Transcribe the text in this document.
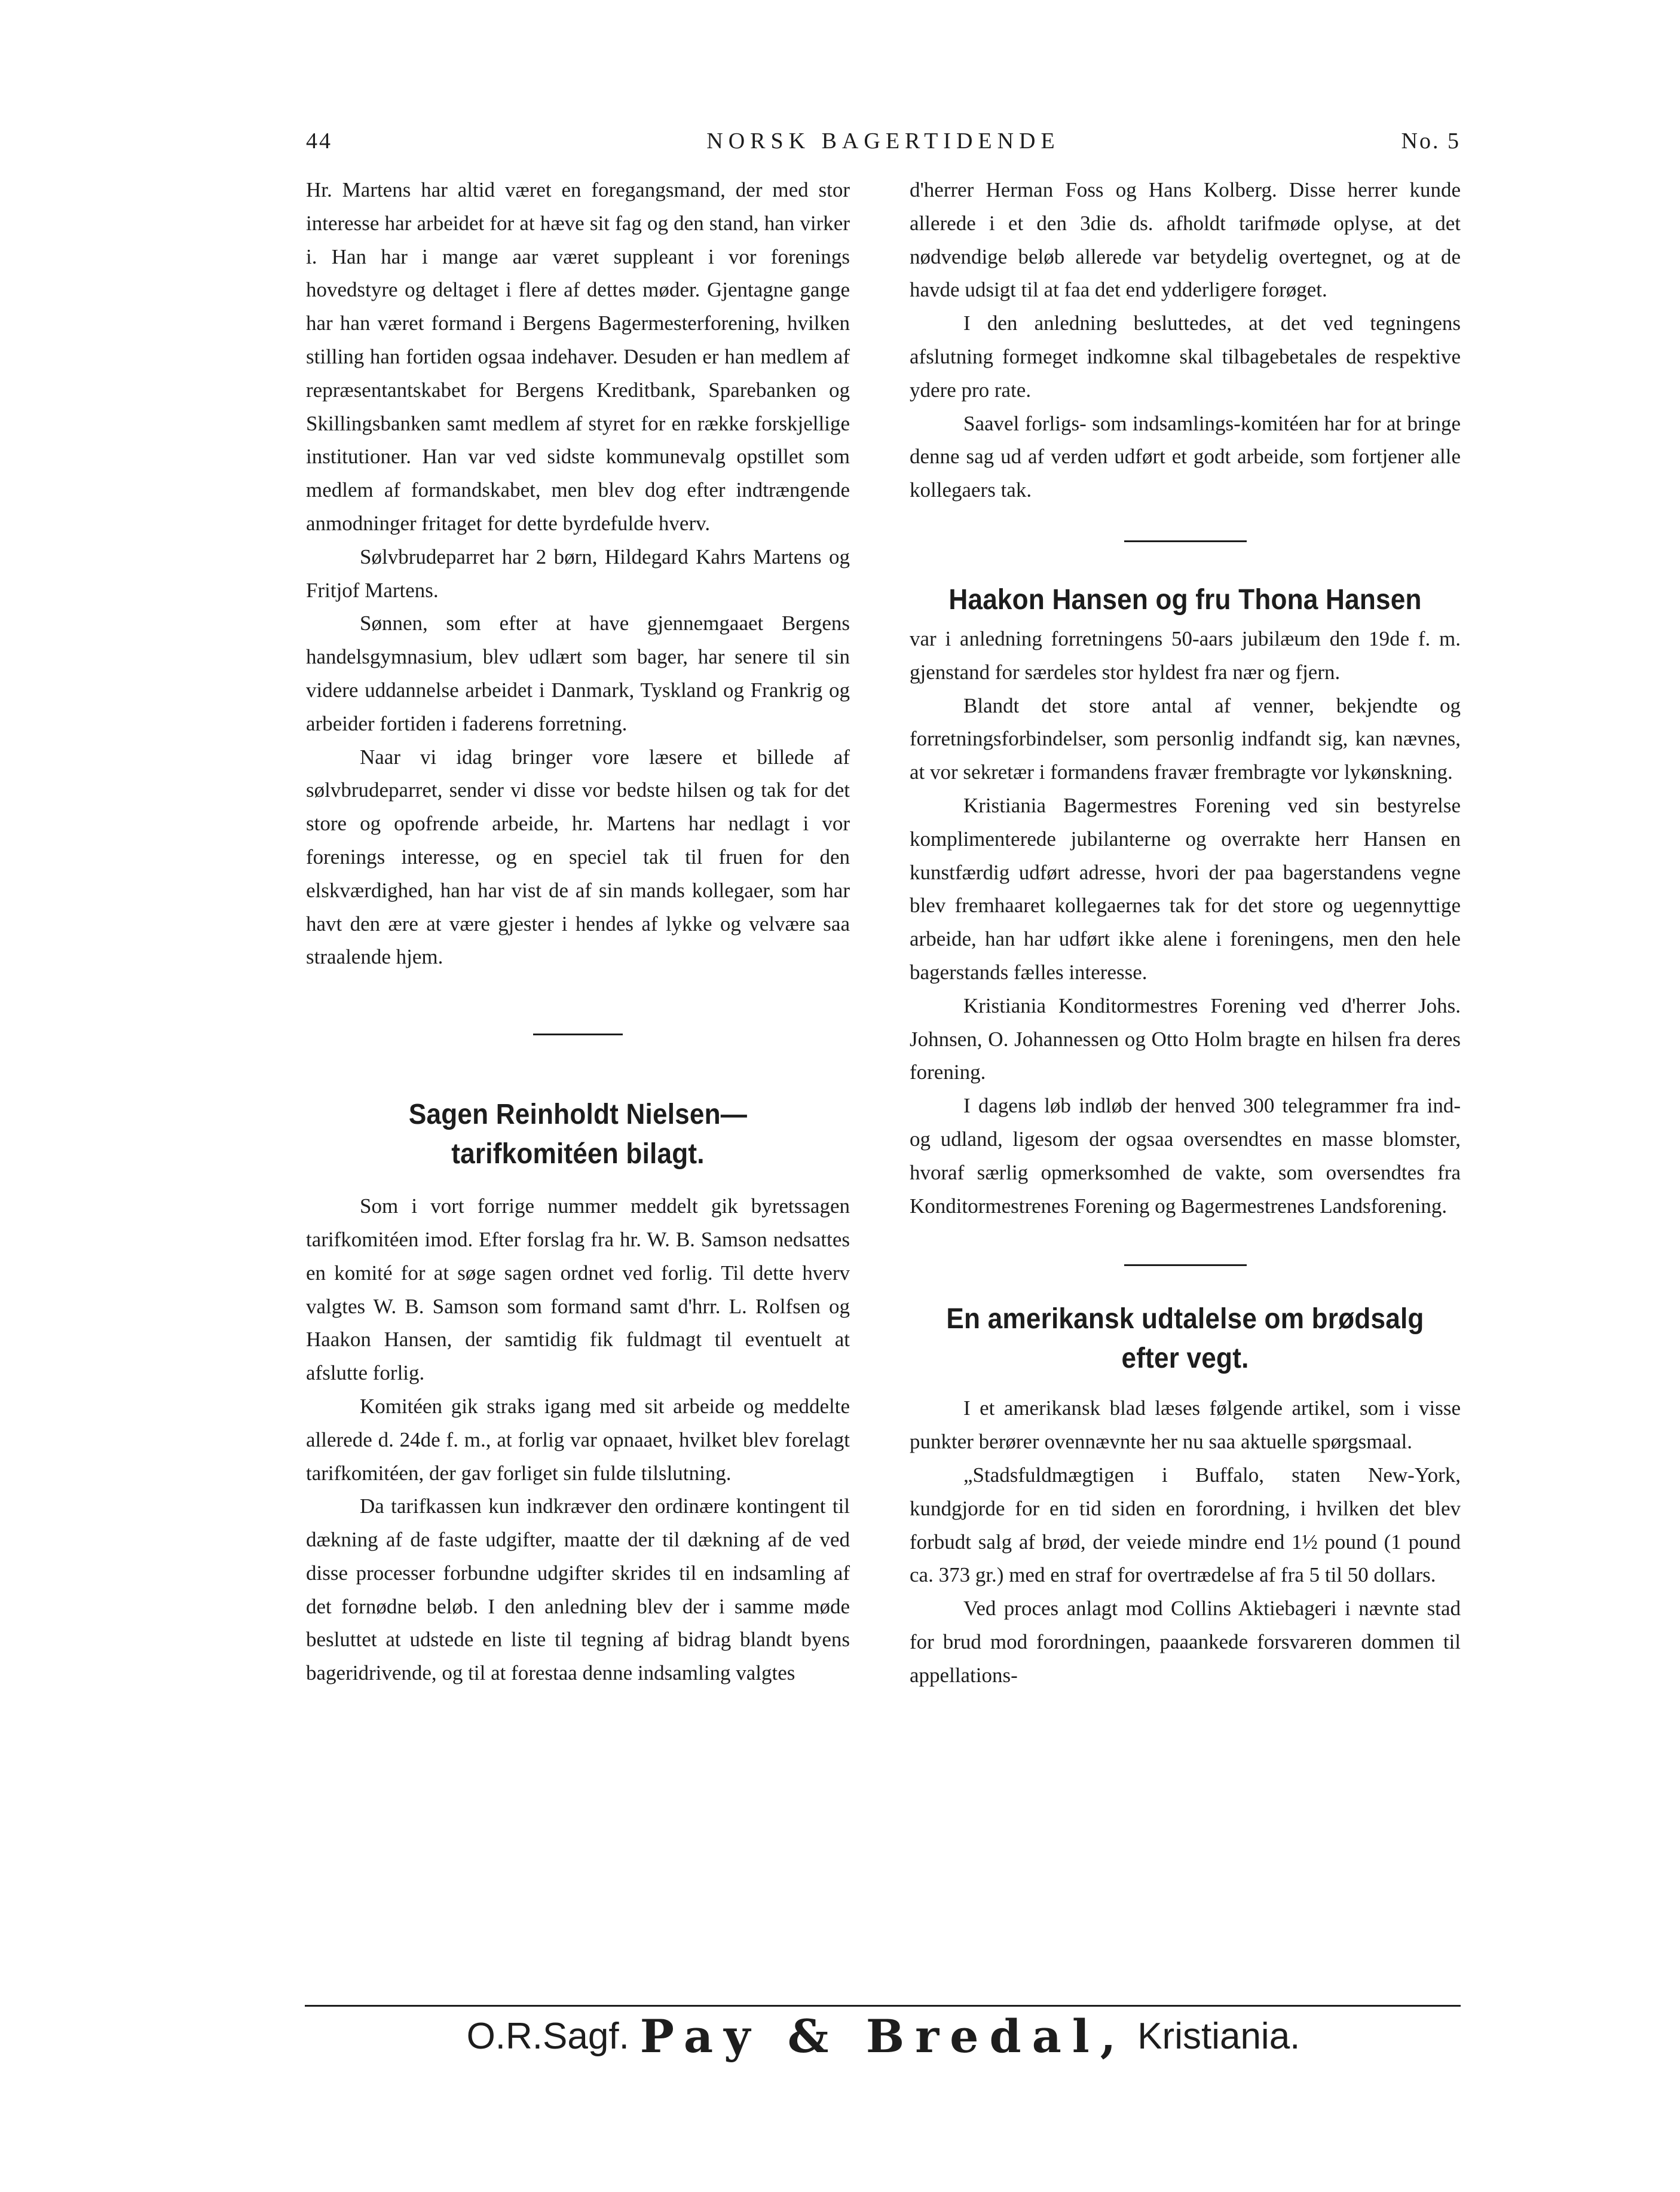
44	NORSK BAGERTIDENDE	No. 5

Hr. Martens har altid været en foregangsmand, der med stor interesse har arbeidet for at hæve sit fag og den stand, han virker i. Han har i mange aar været suppleant i vor forenings hovedstyre og deltaget i flere af dettes møder. Gjentagne gange har han været formand i Bergens Bagermesterforening, hvilken stilling han fortiden ogsaa indehaver. Desuden er han medlem af repræsentantskabet for Bergens Kreditbank, Sparebanken og Skillingsbanken samt medlem af styret for en række forskjellige institutioner. Han var ved sidste kommunevalg opstillet som medlem af formandskabet, men blev dog efter indtrængende anmodninger fritaget for dette byrdefulde hverv.

Sølvbrudeparret har 2 børn, Hildegard Kahrs Martens og Fritjof Martens.

Sønnen, som efter at have gjennemgaaet Bergens handelsgymnasium, blev udlært som bager, har senere til sin videre uddannelse arbeidet i Danmark, Tyskland og Frankrig og arbeider fortiden i faderens forretning.

Naar vi idag bringer vore læsere et billede af sølvbrudeparret, sender vi disse vor bedste hilsen og tak for det store og opofrende arbeide, hr. Martens har nedlagt i vor forenings interesse, og en speciel tak til fruen for den elskværdighed, han har vist de af sin mands kollegaer, som har havt den ære at være gjester i hendes af lykke og velvære saa straalende hjem.

Sagen Reinholdt Nielsen—tarifkomitéen bilagt.

Som i vort forrige nummer meddelt gik byretssagen tarifkomitéen imod. Efter forslag fra hr. W. B. Samson nedsattes en komité for at søge sagen ordnet ved forlig. Til dette hverv valgtes W. B. Samson som formand samt d'hrr. L. Rolfsen og Haakon Hansen, der samtidig fik fuldmagt til eventuelt at afslutte forlig.

Komitéen gik straks igang med sit arbeide og meddelte allerede d. 24de f. m., at forlig var opnaaet, hvilket blev forelagt tarifkomitéen, der gav forliget sin fulde tilslutning.

Da tarifkassen kun indkræver den ordinære kontingent til dækning af de faste udgifter, maatte der til dækning af de ved disse processer forbundne udgifter skrides til en indsamling af det fornødne beløb. I den anledning blev der i samme møde besluttet at udstede en liste til tegning af bidrag blandt byens bageridrivende, og til at forestaa denne indsamling valgtes

d'herrer Herman Foss og Hans Kolberg. Disse herrer kunde allerede i et den 3die ds. afholdt tarifmøde oplyse, at det nødvendige beløb allerede var betydelig overtegnet, og at de havde udsigt til at faa det end ydderligere forøget.

I den anledning besluttedes, at det ved tegningens afslutning formeget indkomne skal tilbagebetales de respektive ydere pro rate.

Saavel forligs- som indsamlings-komitéen har for at bringe denne sag ud af verden udført et godt arbeide, som fortjener alle kollegaers tak.

Haakon Hansen og fru Thona Hansen

var i anledning forretningens 50-aars jubilæum den 19de f. m. gjenstand for særdeles stor hyldest fra nær og fjern.

Blandt det store antal af venner, bekjendte og forretningsforbindelser, som personlig indfandt sig, kan nævnes, at vor sekretær i formandens fravær frembragte vor lykønskning.

Kristiania Bagermestres Forening ved sin bestyrelse komplimenterede jubilanterne og overrakte herr Hansen en kunstfærdig udført adresse, hvori der paa bagerstandens vegne blev fremhaaret kollegaernes tak for det store og uegennyttige arbeide, han har udført ikke alene i foreningens, men den hele bagerstands fælles interesse.

Kristiania Konditormestres Forening ved d'herrer Johs. Johnsen, O. Johannessen og Otto Holm bragte en hilsen fra deres forening.

I dagens løb indløb der henved 300 telegrammer fra ind- og udland, ligesom der ogsaa oversendtes en masse blomster, hvoraf særlig opmerksomhed de vakte, som oversendtes fra Konditormestrenes Forening og Bagermestrenes Landsforening.

En amerikansk udtalelse om brødsalg efter vegt.

I et amerikansk blad læses følgende artikel, som i visse punkter berører ovennævnte her nu saa aktuelle spørgsmaal.

„Stadsfuldmægtigen i Buffalo, staten New-York, kundgjorde for en tid siden en forordning, i hvilken det blev forbudt salg af brød, der veiede mindre end 1½ pound (1 pound ca. 373 gr.) med en straf for overtrædelse af fra 5 til 50 dollars.

Ved proces anlagt mod Collins Aktiebageri i nævnte stad for brud mod forordningen, paaankede forsvareren dommen til appellations-

O.R.Sagf. Pay & Bredal, Kristiania.
